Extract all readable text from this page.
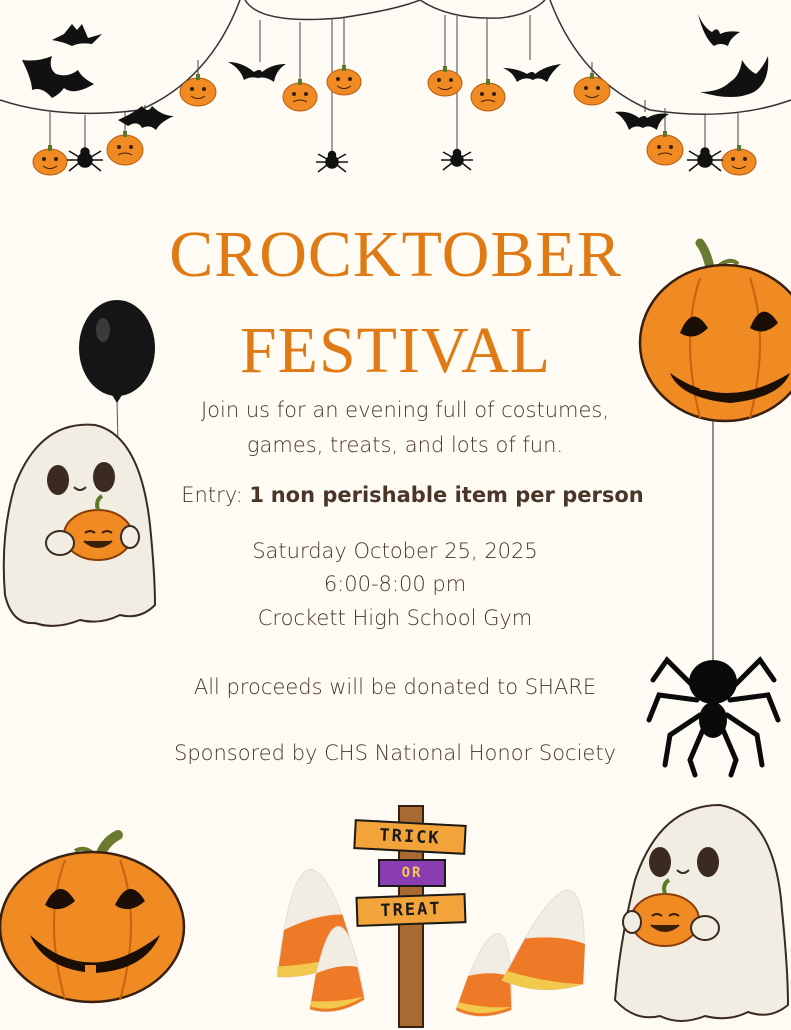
CROCKTOBER
FESTIVAL
Join us for an evening full of costumes,
games, treats, and lots of fun.
Entry: 1 non perishable item per person
Saturday October 25, 2025
6:00-8:00 pm
Crockett High School Gym
All proceeds will be donated to SHARE
Sponsored by CHS National Honor Society
TRICK
OR
TREAT
